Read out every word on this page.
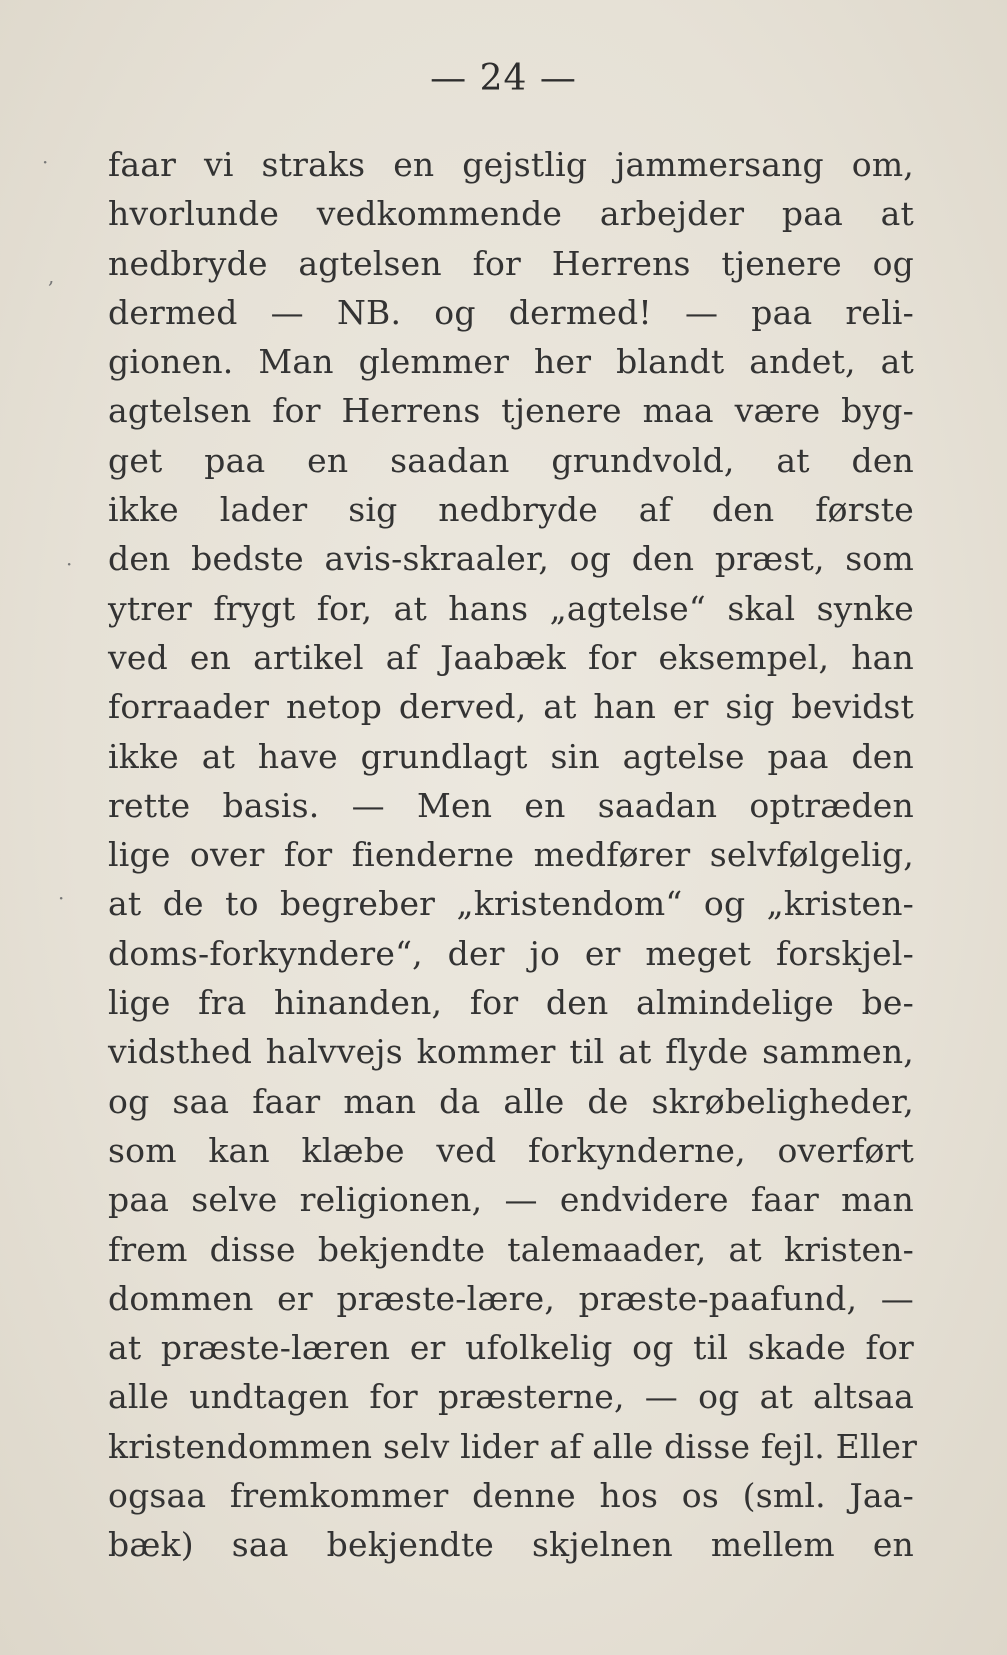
— 24 —
faar vi straks en gejstlig jammersang om,
hvorlunde vedkommende arbejder paa at
nedbryde agtelsen for Herrens tjenere og
dermed — NB. og dermed! — paa reli-
gionen. Man glemmer her blandt andet, at
agtelsen for Herrens tjenere maa være byg-
get paa en saadan grundvold, at den
ikke lader sig nedbryde af den første
den bedste avis-skraaler, og den præst, som
ytrer frygt for, at hans „agtelse“ skal synke
ved en artikel af Jaabæk for eksempel, han
forraader netop derved, at han er sig bevidst
ikke at have grundlagt sin agtelse paa den
rette basis. — Men en saadan optræden
lige over for fienderne medfører selvfølgelig,
at de to begreber „kristendom“ og „kristen-
doms-forkyndere“, der jo er meget forskjel-
lige fra hinanden, for den almindelige be-
vidsthed halvvejs kommer til at flyde sammen,
og saa faar man da alle de skrøbeligheder,
som kan klæbe ved forkynderne, overført
paa selve religionen, — endvidere faar man
frem disse bekjendte talemaader, at kristen-
dommen er præste-lære, præste-paafund, —
at præste-læren er ufolkelig og til skade for
alle undtagen for præsterne, — og at altsaa
kristendommen selv lider af alle disse fejl. Eller
ogsaa fremkommer denne hos os (sml. Jaa-
bæk) saa bekjendte skjelnen mellem en
·
,
·
·
